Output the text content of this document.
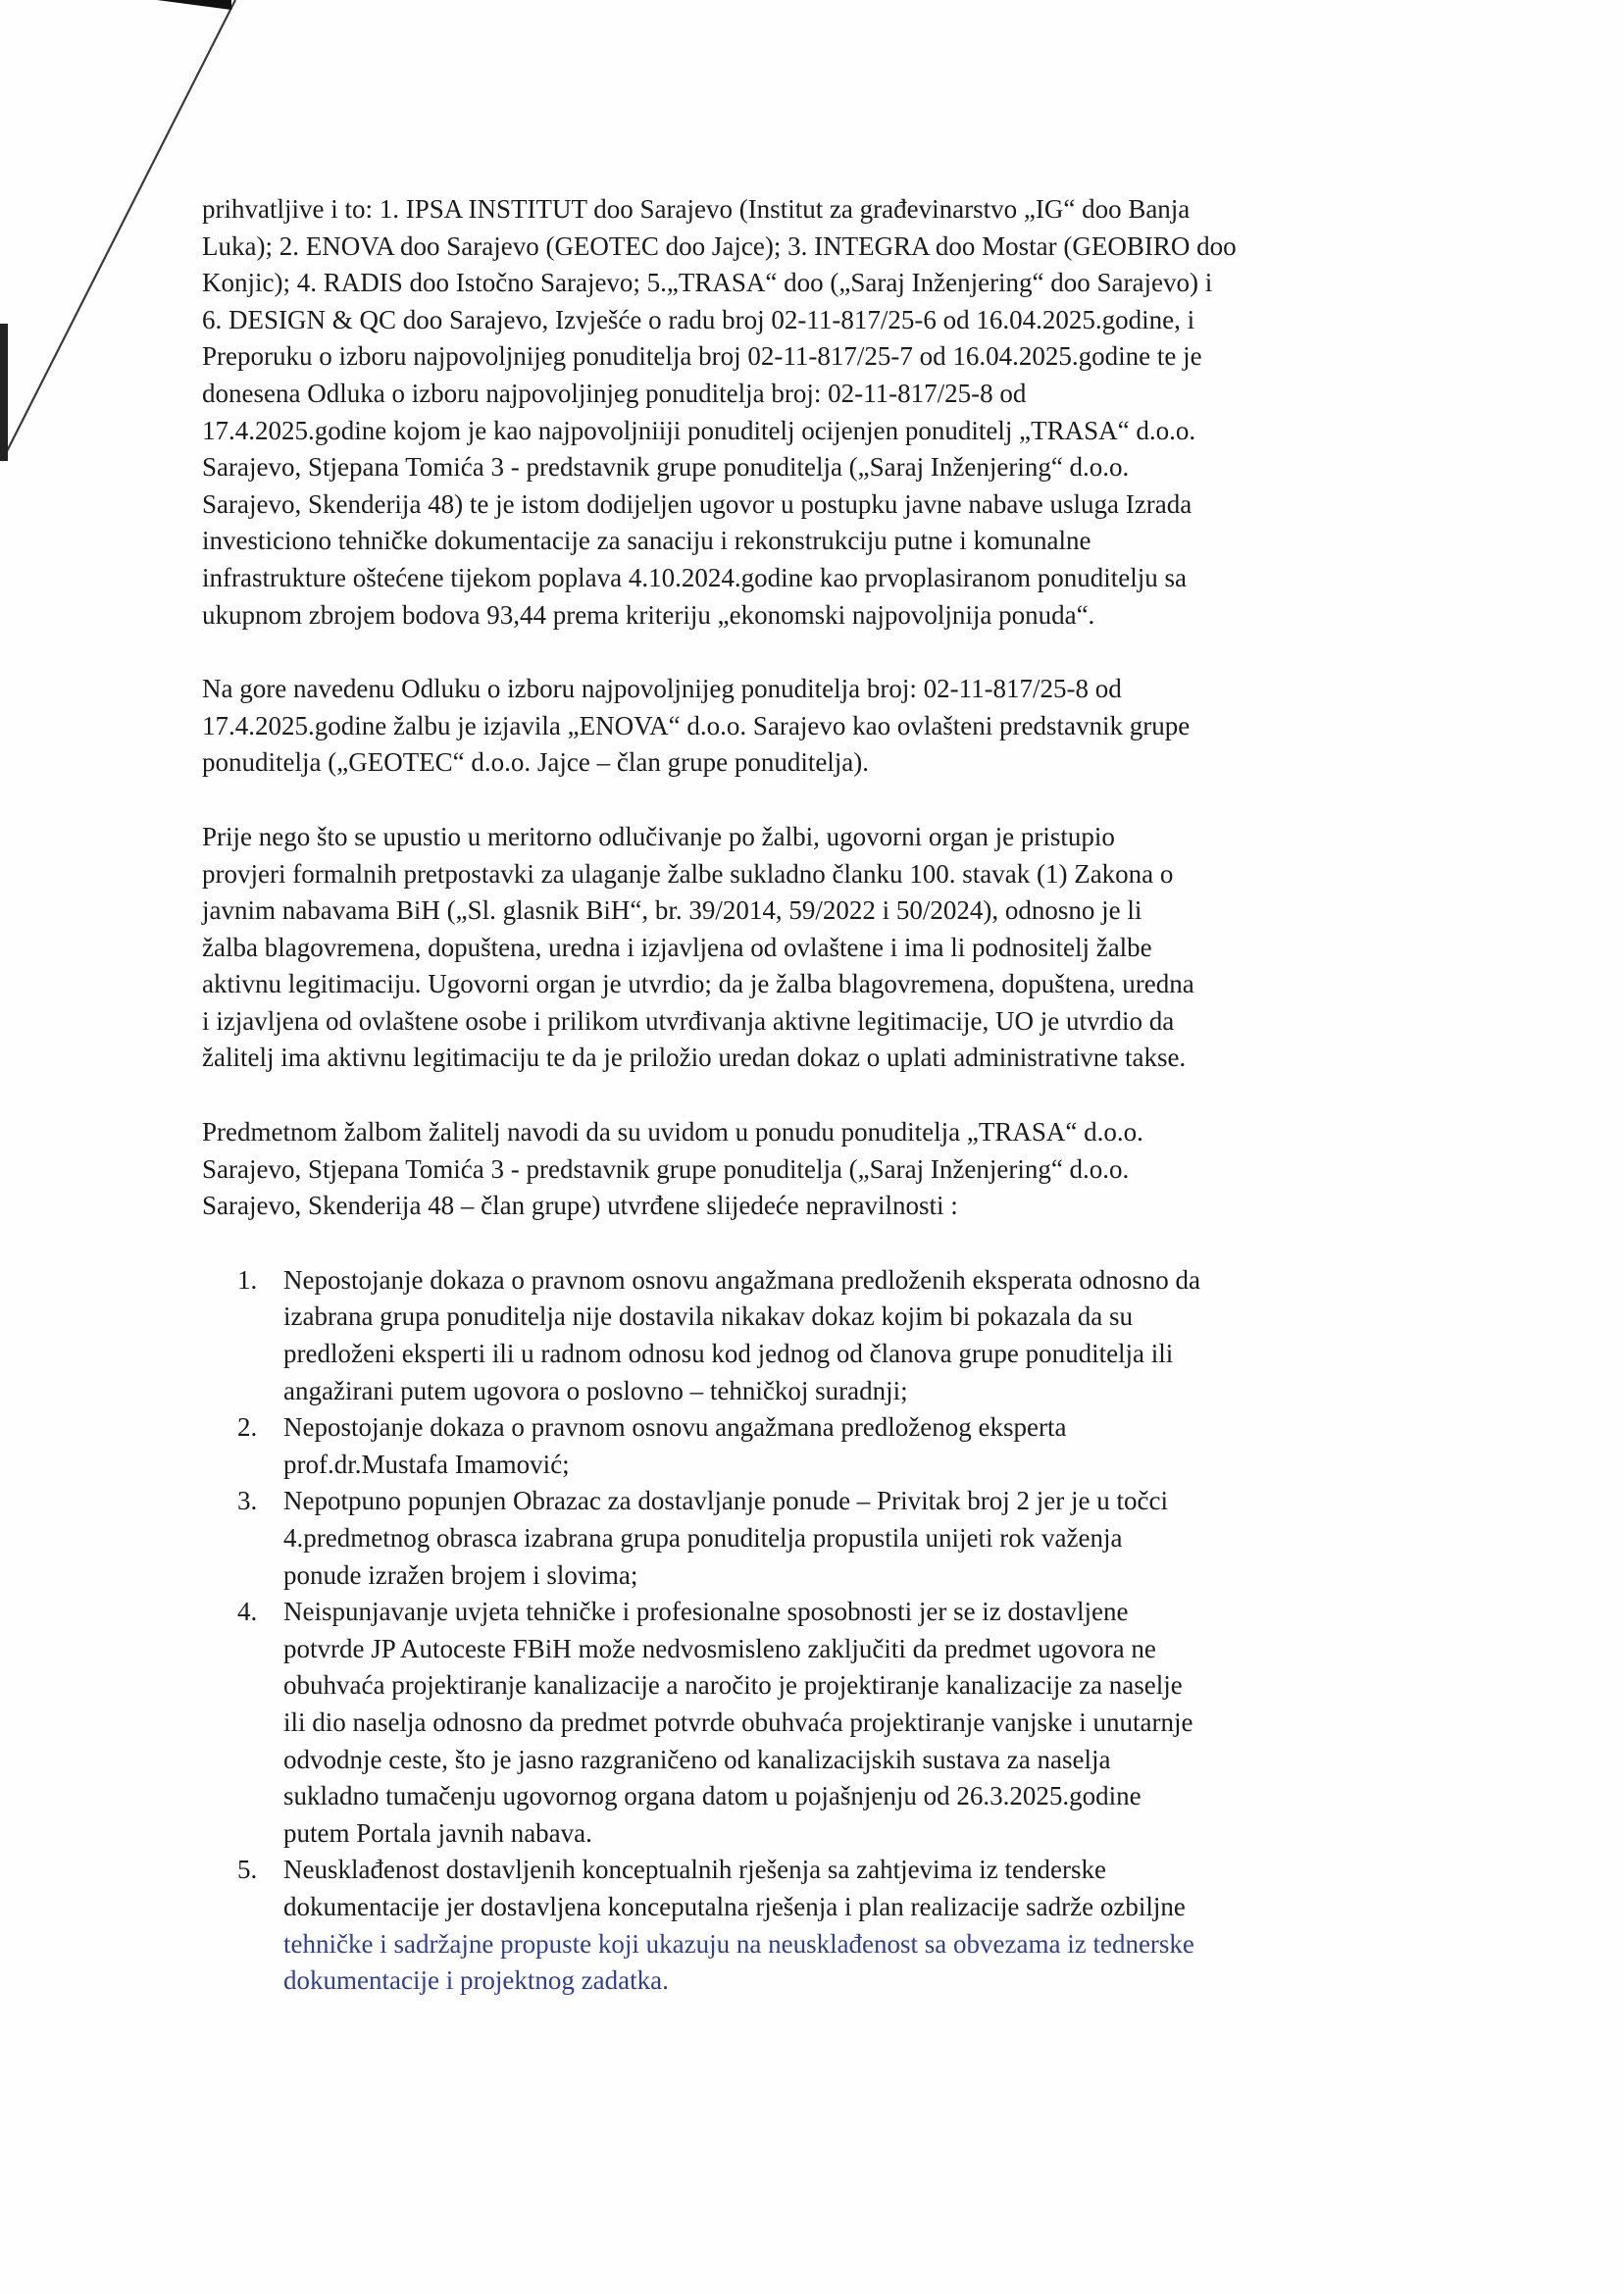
prihvatljive i to: 1. IPSA INSTITUT doo Sarajevo (Institut za građevinarstvo „IG“ doo Banja
Luka); 2. ENOVA doo Sarajevo (GEOTEC doo Jajce); 3. INTEGRA doo Mostar (GEOBIRO doo
Konjic); 4. RADIS doo Istočno Sarajevo; 5.„TRASA“ doo („Saraj Inženjering“ doo Sarajevo) i
6. DESIGN & QC doo Sarajevo, Izvješće o radu broj 02-11-817/25-6 od 16.04.2025.godine, i
Preporuku o izboru najpovoljnijeg ponuditelja broj 02-11-817/25-7 od 16.04.2025.godine te je
donesena Odluka o izboru najpovoljinjeg ponuditelja broj: 02-11-817/25-8 od
17.4.2025.godine kojom je kao najpovoljniiji ponuditelj ocijenjen ponuditelj „TRASA“ d.o.o.
Sarajevo, Stjepana Tomića 3 - predstavnik grupe ponuditelja („Saraj Inženjering“ d.o.o.
Sarajevo, Skenderija 48) te je istom dodijeljen ugovor u postupku javne nabave usluga Izrada
investiciono tehničke dokumentacije za sanaciju i rekonstrukciju putne i komunalne
infrastrukture oštećene tijekom poplava 4.10.2024.godine kao prvoplasiranom ponuditelju sa
ukupnom zbrojem bodova 93,44 prema kriteriju „ekonomski najpovoljnija ponuda“.

Na gore navedenu Odluku o izboru najpovoljnijeg ponuditelja broj: 02-11-817/25-8 od
17.4.2025.godine žalbu je izjavila „ENOVA“ d.o.o. Sarajevo kao ovlašteni predstavnik grupe
ponuditelja („GEOTEC“ d.o.o. Jajce – član grupe ponuditelja).

Prije nego što se upustio u meritorno odlučivanje po žalbi, ugovorni organ je pristupio
provjeri formalnih pretpostavki za ulaganje žalbe sukladno članku 100. stavak (1) Zakona o
javnim nabavama BiH („Sl. glasnik BiH“, br. 39/2014, 59/2022 i 50/2024), odnosno je li
žalba blagovremena, dopuštena, uredna i izjavljena od ovlaštene i ima li podnositelj žalbe
aktivnu legitimaciju. Ugovorni organ je utvrdio; da je žalba blagovremena, dopuštena, uredna
i izjavljena od ovlaštene osobe i prilikom utvrđivanja aktivne legitimacije, UO je utvrdio da
žalitelj ima aktivnu legitimaciju te da je priložio uredan dokaz o uplati administrativne takse.

Predmetnom žalbom žalitelj navodi da su uvidom u ponudu ponuditelja „TRASA“ d.o.o.
Sarajevo, Stjepana Tomića 3 - predstavnik grupe ponuditelja („Saraj Inženjering“ d.o.o.
Sarajevo, Skenderija 48 – član grupe) utvrđene slijedeće nepravilnosti :

1. Nepostojanje dokaza o pravnom osnovu angažmana predloženih eksperata odnosno da
izabrana grupa ponuditelja nije dostavila nikakav dokaz kojim bi pokazala da su
predloženi eksperti ili u radnom odnosu kod jednog od članova grupe ponuditelja ili
angažirani putem ugovora o poslovno – tehničkoj suradnji;
2. Nepostojanje dokaza o pravnom osnovu angažmana predloženog eksperta
prof.dr.Mustafa Imamović;
3. Nepotpuno popunjen Obrazac za dostavljanje ponude – Privitak broj 2 jer je u točci
4.predmetnog obrasca izabrana grupa ponuditelja propustila unijeti rok važenja
ponude izražen brojem i slovima;
4. Neispunjavanje uvjeta tehničke i profesionalne sposobnosti jer se iz dostavljene
potvrde JP Autoceste FBiH može nedvosmisleno zaključiti da predmet ugovora ne
obuhvaća projektiranje kanalizacije a naročito je projektiranje kanalizacije za naselje
ili dio naselja odnosno da predmet potvrde obuhvaća projektiranje vanjske i unutarnje
odvodnje ceste, što je jasno razgraničeno od kanalizacijskih sustava za naselja
sukladno tumačenju ugovornog organa datom u pojašnjenju od 26.3.2025.godine
putem Portala javnih nabava.
5. Neusklađenost dostavljenih konceptualnih rješenja sa zahtjevima iz tenderske
dokumentacije jer dostavljena konceputalna rješenja i plan realizacije sadrže ozbiljne
tehničke i sadržajne propuste koji ukazuju na neusklađenost sa obvezama iz tednerske
dokumentacije i projektnog zadatka.
